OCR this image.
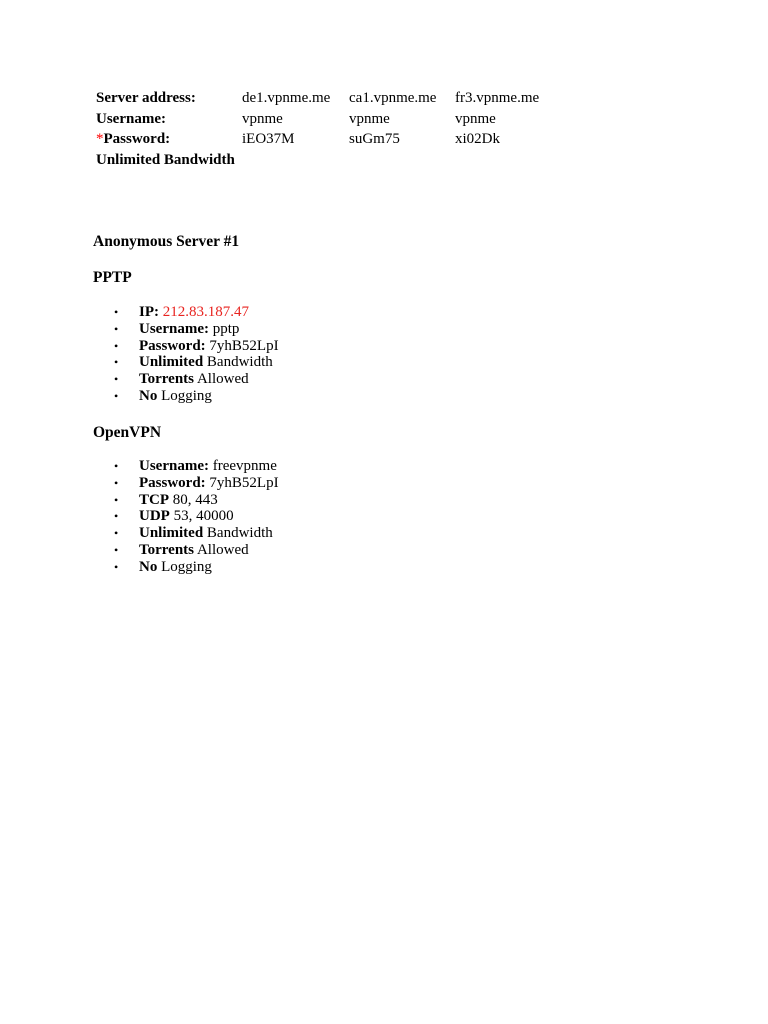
Server address:	de1.vpnme.me	ca1.vpnme.me	fr3.vpnme.me
Username:	vpnme	vpnme	vpnme
*Password:	iEO37M	suGm75	xi02Dk
Unlimited Bandwidth
Anonymous Server #1
PPTP
• IP: 212.83.187.47
• Username: pptp
• Password: 7yhB52LpI
• Unlimited Bandwidth
• Torrents Allowed
• No Logging
OpenVPN
• Username: freevpnme
• Password: 7yhB52LpI
• TCP 80, 443
• UDP 53, 40000
• Unlimited Bandwidth
• Torrents Allowed
• No Logging
